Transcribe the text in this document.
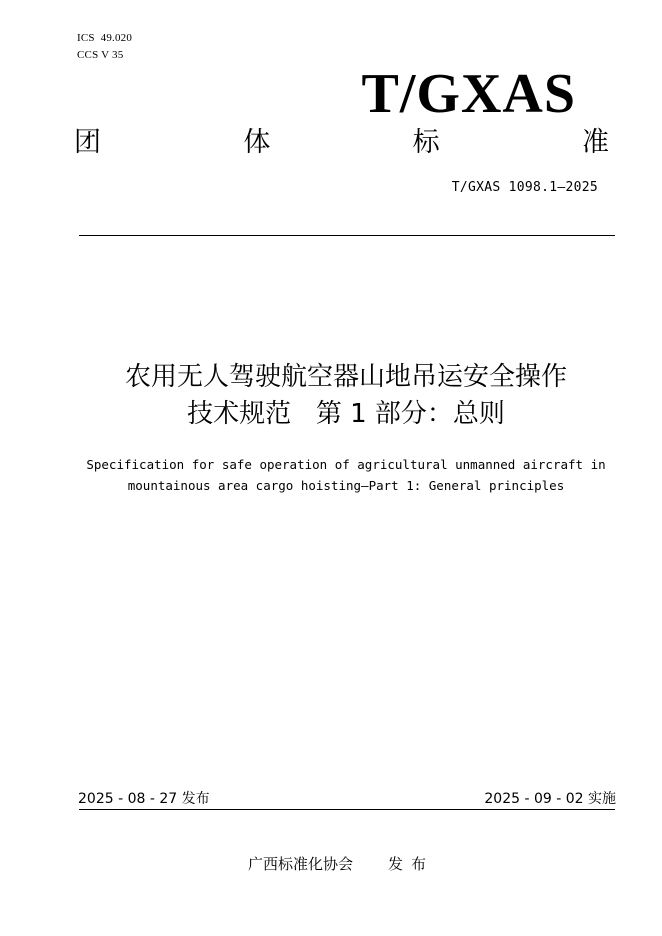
ICS  49.020
CCS V 35
T/GXAS
团	体	标	准
T/GXAS 1098.1—2025
农用无人驾驶航空器山地吊运安全操作
技术规范   第 1 部分：总则
Specification for safe operation of agricultural unmanned aircraft in
mountainous area cargo hoisting—Part 1: General principles
2025 - 08 - 27 发布	2025 - 09 - 02 实施
广西标准化协会 发布
